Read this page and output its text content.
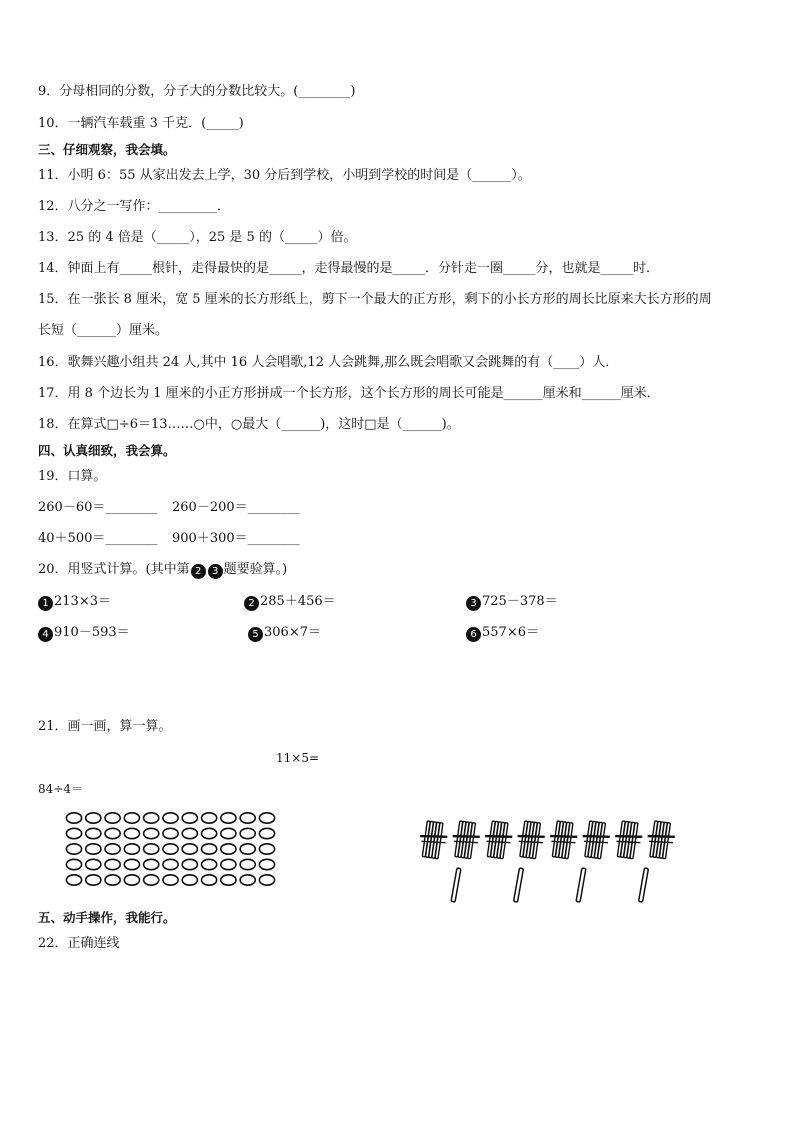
9．分母相同的分数，分子大的分数比较大。(________)
10．一辆汽车载重 3 千克．(_____)
三、仔细观察，我会填。
11．小明 6：55 从家出发去上学，30 分后到学校，小明到学校的时间是（______）。
12．八分之一写作：_________．
13．25 的 4 倍是（_____），25 是 5 的（_____）倍。
14．钟面上有_____根针，走得最快的是_____，走得最慢的是_____．分针走一圈_____分，也就是_____时．
15．在一张长 8 厘米，宽 5 厘米的长方形纸上，剪下一个最大的正方形，剩下的小长方形的周长比原来大长方形的周
长短（______）厘米。
16．歌舞兴趣小组共 24 人,其中 16 人会唱歌,12 人会跳舞,那么既会唱歌又会跳舞的有（____）人．
17．用 8 个边长为 1 厘米的小正方形拼成一个长方形，这个长方形的周长可能是______厘米和______厘米．
18．在算式□÷6＝13……○中，○最大（______)，这时□是（______)。
四、认真细致，我会算。
19．口算。
260－60＝________ 260－200＝________
40＋500＝________ 900＋300＝________
20．用竖式计算。(其中第 2 3 题要验算。)
1 213×3＝	2 285＋456＝	3 725－378＝
4 910－593＝	5 306×7＝	6 557×6＝
21．画一画，算一算。
11×5=
84÷4＝
五、动手操作，我能行。
22．正确连线
